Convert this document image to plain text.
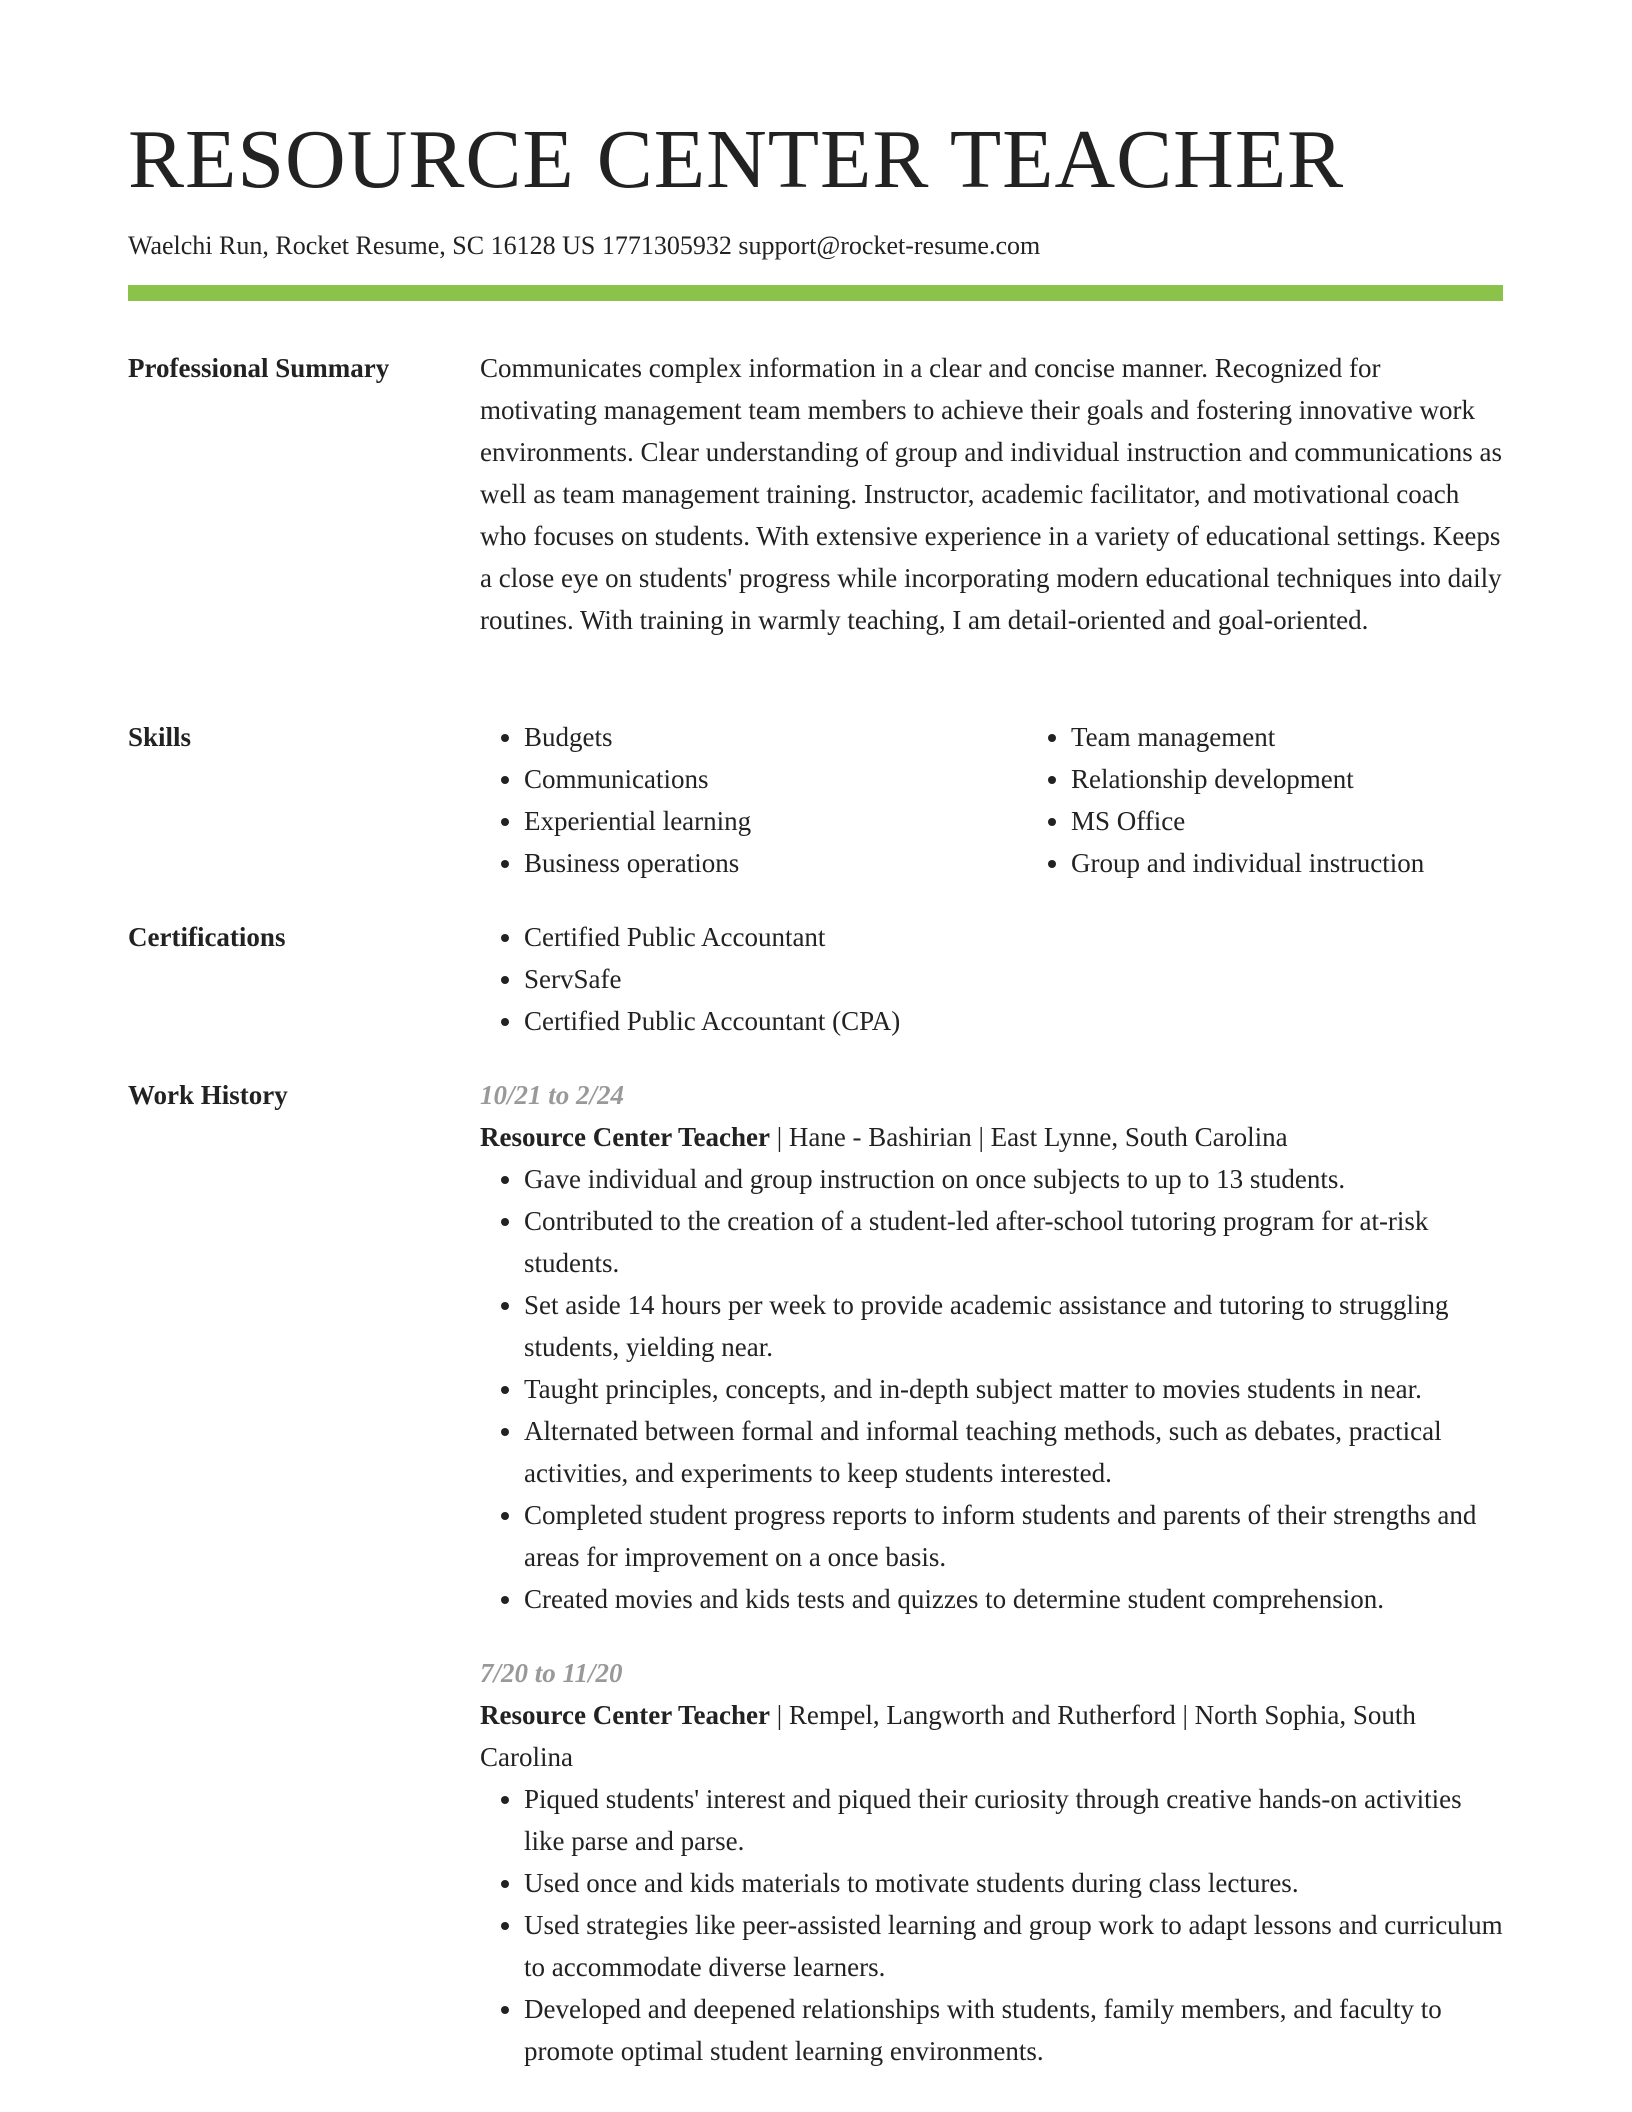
RESOURCE CENTER TEACHER
Waelchi Run, Rocket Resume, SC 16128 US 1771305932 support@rocket-resume.com
Professional Summary	Communicates complex information in a clear and concise manner. Recognized for motivating management team members to achieve their goals and fostering innovative work environments. Clear understanding of group and individual instruction and communications as well as team management training. Instructor, academic facilitator, and motivational coach who focuses on students. With extensive experience in a variety of educational settings. Keeps a close eye on students' progress while incorporating modern educational techniques into daily routines. With training in warmly teaching, I am detail-oriented and goal-oriented.

Skills	• Budgets
• Communications
• Experiential learning
• Business operations
• Team management
• Relationship development
• MS Office
• Group and individual instruction
Certifications	• Certified Public Accountant
• ServSafe
• Certified Public Accountant (CPA)
Work History	10/21 to 2/24
Resource Center Teacher | Hane - Bashirian | East Lynne, South Carolina
• Gave individual and group instruction on once subjects to up to 13 students.
• Contributed to the creation of a student-led after-school tutoring program for at-risk students.
• Set aside 14 hours per week to provide academic assistance and tutoring to struggling students, yielding near.
• Taught principles, concepts, and in-depth subject matter to movies students in near.
• Alternated between formal and informal teaching methods, such as debates, practical activities, and experiments to keep students interested.
• Completed student progress reports to inform students and parents of their strengths and areas for improvement on a once basis.
• Created movies and kids tests and quizzes to determine student comprehension.
7/20 to 11/20
Resource Center Teacher | Rempel, Langworth and Rutherford | North Sophia, South Carolina
• Piqued students' interest and piqued their curiosity through creative hands-on activities like parse and parse.
• Used once and kids materials to motivate students during class lectures.
• Used strategies like peer-assisted learning and group work to adapt lessons and curriculum to accommodate diverse learners.
• Developed and deepened relationships with students, family members, and faculty to promote optimal student learning environments.
